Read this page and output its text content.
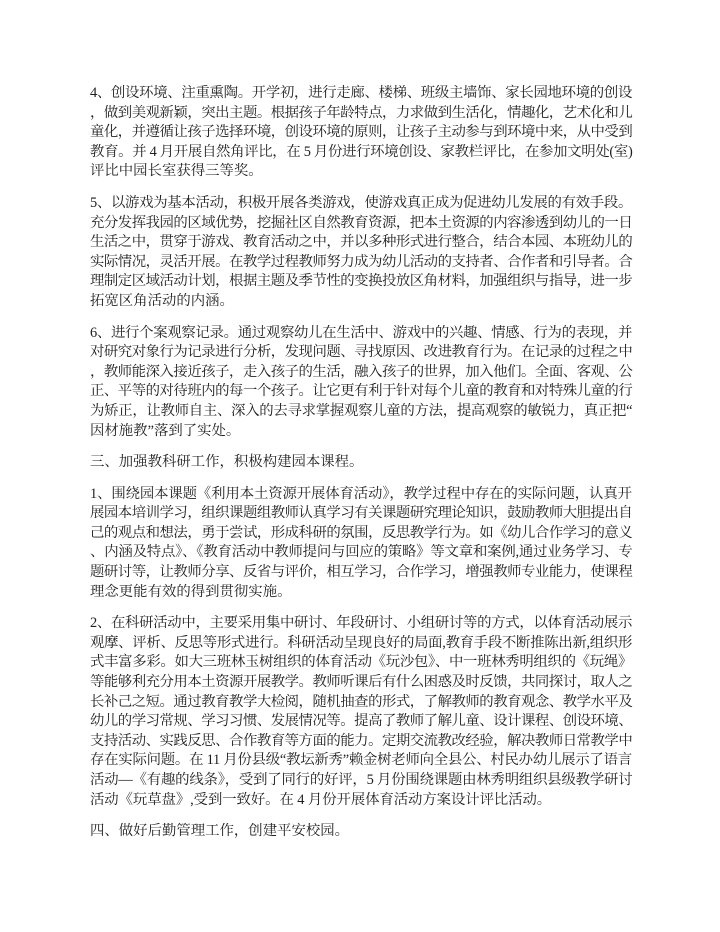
4、创设环境、注重熏陶。开学初，进行走廊、楼梯、班级主墙饰、家长园地环境的创设
，做到美观新颖，突出主题。根据孩子年龄特点，力求做到生活化，情趣化，艺术化和儿
童化，并遵循让孩子选择环境，创设环境的原则，让孩子主动参与到环境中来，从中受到
教育。并 4 月开展自然角评比，在 5 月份进行环境创设、家教栏评比，在参加文明处(室)
评比中园长室获得三等奖。
5、以游戏为基本活动，积极开展各类游戏，使游戏真正成为促进幼儿发展的有效手段。
充分发挥我园的区域优势，挖掘社区自然教育资源，把本土资源的内容渗透到幼儿的一日
生活之中，贯穿于游戏、教育活动之中，并以多种形式进行整合，结合本园、本班幼儿的
实际情况，灵活开展。在教学过程教师努力成为幼儿活动的支持者、合作者和引导者。合
理制定区域活动计划，根据主题及季节性的变换投放区角材料，加强组织与指导，进一步
拓宽区角活动的内涵。
6、进行个案观察记录。通过观察幼儿在生活中、游戏中的兴趣、情感、行为的表现，并
对研究对象行为记录进行分析，发现问题、寻找原因、改进教育行为。在记录的过程之中
，教师能深入接近孩子，走入孩子的生活，融入孩子的世界，加入他们。全面、客观、公
正、平等的对待班内的每一个孩子。让它更有利于针对每个儿童的教育和对特殊儿童的行
为矫正，让教师自主、深入的去寻求掌握观察儿童的方法，提高观察的敏锐力，真正把“
因材施教”落到了实处。
三、加强教科研工作，积极构建园本课程。
1、围绕园本课题《利用本土资源开展体育活动》，教学过程中存在的实际问题，认真开
展园本培训学习，组织课题组教师认真学习有关课题研究理论知识，鼓励教师大胆提出自
己的观点和想法，勇于尝试，形成科研的氛围，反思教学行为。如《幼儿合作学习的意义
、内涵及特点》、《教育活动中教师提问与回应的策略》等文章和案例,通过业务学习、专
题研讨等，让教师分享、反省与评价，相互学习，合作学习，增强教师专业能力，使课程
理念更能有效的得到贯彻实施。
2、在科研活动中，主要采用集中研讨、年段研讨、小组研讨等的方式，以体育活动展示
观摩、评析、反思等形式进行。科研活动呈现良好的局面,教育手段不断推陈出新,组织形
式丰富多彩。如大三班林玉树组织的体育活动《玩沙包》、中一班林秀明组织的《玩绳》
等能够利充分用本土资源开展教学。教师听课后有什么困惑及时反馈，共同探讨，取人之
长补己之短。通过教育教学大检阅，随机抽查的形式，了解教师的教育观念、教学水平及
幼儿的学习常规、学习习惯、发展情况等。提高了教师了解儿童、设计课程、创设环境、
支持活动、实践反思、合作教育等方面的能力。定期交流教改经验，解决教师日常教学中
存在实际问题。在 11 月份县级“教坛新秀”赖金树老师向全县公、村民办幼儿展示了语言
活动—《有趣的线条》，受到了同行的好评，5 月份围绕课题由林秀明组织县级教学研讨
活动《玩草盘》,受到一致好。在 4 月份开展体育活动方案设计评比活动。
四、做好后勤管理工作，创建平安校园。
